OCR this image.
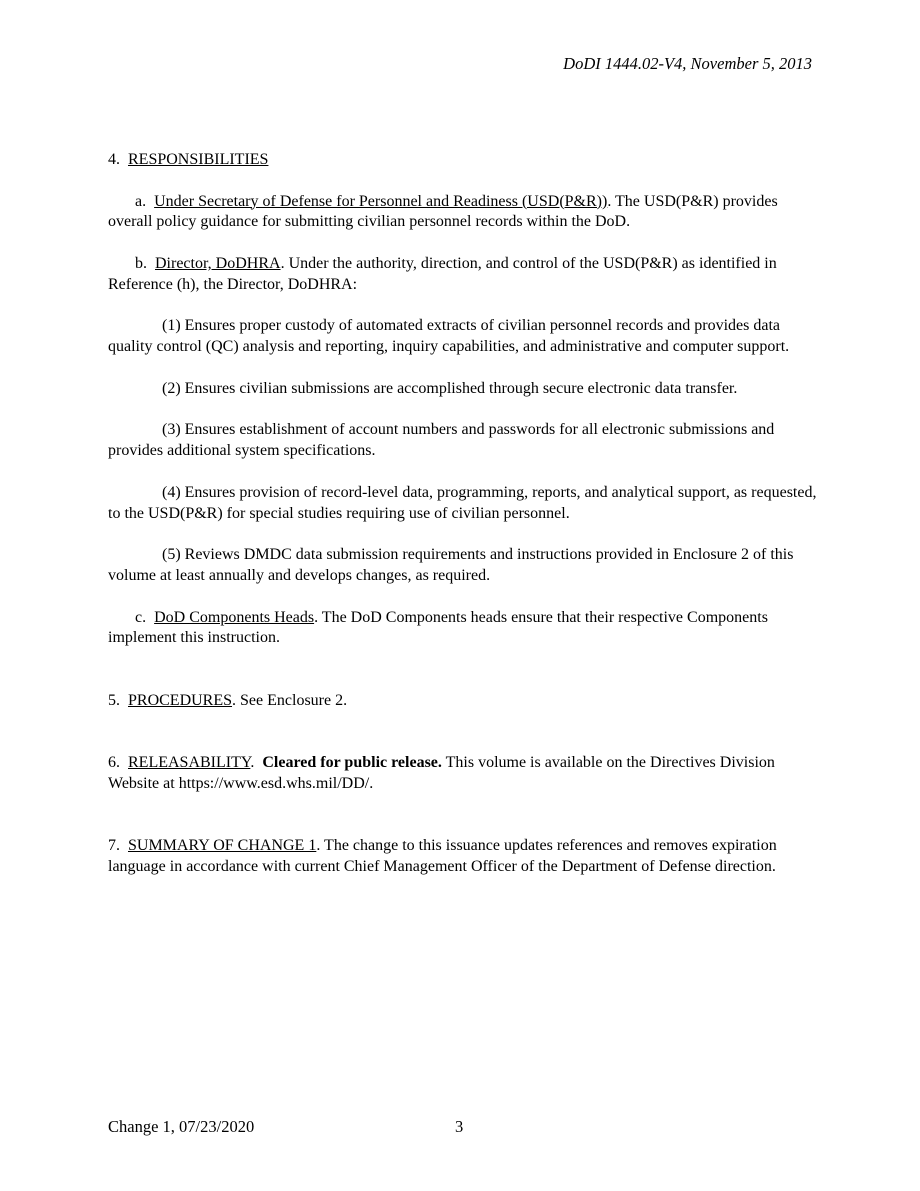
DoDI 1444.02-V4, November 5, 2013

4. RESPONSIBILITIES

a. Under Secretary of Defense for Personnel and Readiness (USD(P&R)). The USD(P&R) provides overall policy guidance for submitting civilian personnel records within the DoD.

b. Director, DoDHRA. Under the authority, direction, and control of the USD(P&R) as identified in Reference (h), the Director, DoDHRA:

(1) Ensures proper custody of automated extracts of civilian personnel records and provides data quality control (QC) analysis and reporting, inquiry capabilities, and administrative and computer support.

(2) Ensures civilian submissions are accomplished through secure electronic data transfer.

(3) Ensures establishment of account numbers and passwords for all electronic submissions and provides additional system specifications.

(4) Ensures provision of record-level data, programming, reports, and analytical support, as requested, to the USD(P&R) for special studies requiring use of civilian personnel.

(5) Reviews DMDC data submission requirements and instructions provided in Enclosure 2 of this volume at least annually and develops changes, as required.

c. DoD Components Heads. The DoD Components heads ensure that their respective Components implement this instruction.

5. PROCEDURES. See Enclosure 2.

6. RELEASABILITY.  Cleared for public release. This volume is available on the Directives Division Website at https://www.esd.whs.mil/DD/.

7. SUMMARY OF CHANGE 1. The change to this issuance updates references and removes expiration language in accordance with current Chief Management Officer of the Department of Defense direction.

Change 1, 07/23/2020	3
